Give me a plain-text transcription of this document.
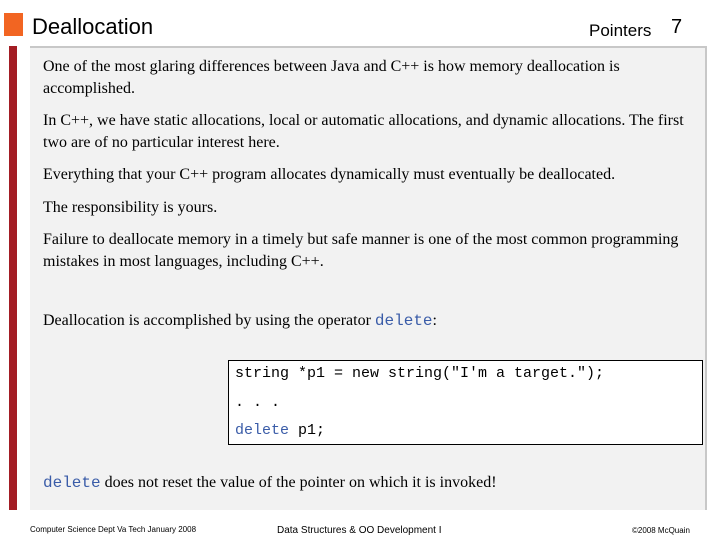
Deallocation	Pointers 7
One of the most glaring differences between Java and C++ is how memory deallocation is accomplished.
In C++, we have static allocations, local or automatic allocations, and dynamic allocations. The first two are of no particular interest here.
Everything that your C++ program allocates dynamically must eventually be deallocated.
The responsibility is yours.
Failure to deallocate memory in a timely but safe manner is one of the most common programming mistakes in most languages, including C++.
Deallocation is accomplished by using the operator delete:
string *p1 = new string("I'm a target.");
. . .
delete p1;
delete does not reset the value of the pointer on which it is invoked!
Computer Science Dept Va Tech January 2008	Data Structures & OO Development I	©2008 McQuain
